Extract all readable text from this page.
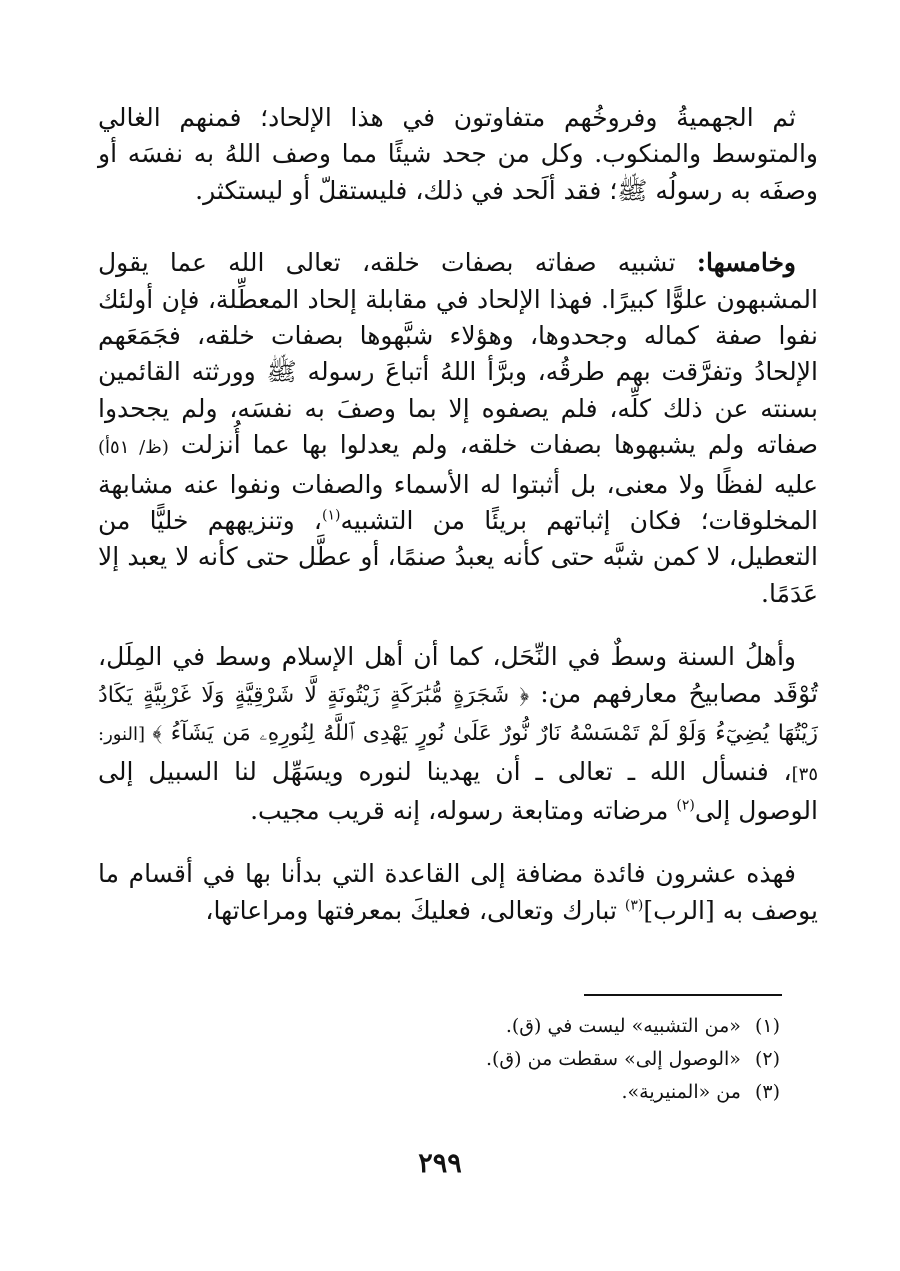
ثم الجهميةُ وفروخُهم متفاوتون في هذا الإلحاد؛ فمنهم الغالي والمتوسط والمنكوب. وكل من جحد شيئًا مما وصف اللهُ به نفسَه أو وصفَه به رسولُه ﷺ؛ فقد ألَحد في ذلك، فليستقلّ أو ليستكثر.

وخامسها: تشبيه صفاته بصفات خلقه، تعالى الله عما يقول المشبهون علوًّا كبيرًا. فهذا الإلحاد في مقابلة إلحاد المعطِّلة، فإن أولئك نفوا صفة كماله وجحدوها، وهؤلاء شبَّهوها بصفات خلقه، فجَمَعَهم الإلحادُ وتفرَّقت بهم طرقُه، وبرَّأ اللهُ أتباعَ رسوله ﷺ وورثته القائمين بسنته عن ذلك كلِّه، فلم يصفوه إلا بما وصفَ به نفسَه، ولم يجحدوا صفاته ولم يشبهوها بصفات خلقه، ولم يعدلوا بها عما أُنزلت (ظ/ ٥١أ) عليه لفظًا ولا معنى، بل أثبتوا له الأسماء والصفات ونفوا عنه مشابهة المخلوقات؛ فكان إثباتهم بريئًا من التشبيه$^{(١)}$، وتنزيههم خليًّا من التعطيل، لا كمن شبَّه حتى كأنه يعبدُ صنمًا، أو عطَّل حتى كأنه لا يعبد إلا عَدَمًا.

وأهلُ السنة وسطٌ في النِّحَل، كما أن أهل الإسلام وسط في المِلَل، تُوْقَد مصابيحُ معارفهم من: ﴿ شَجَرَةٍ مُّبَٰرَكَةٍ زَيْتُونَةٍ لَّا شَرْقِيَّةٍ وَلَا غَرْبِيَّةٍ يَكَادُ زَيْتُهَا يُضِيٓءُ وَلَوْ لَمْ تَمْسَسْهُ نَارٌ نُّورٌ عَلَىٰ نُورٍ يَهْدِى ٱللَّهُ لِنُورِهِۦ مَن يَشَآءُ ﴾ [النور: ٣٥]، فنسأل الله ـ تعالى ـ أن يهدينا لنوره ويسَهِّل لنا السبيل إلى الوصول إلى$^{(٢)}$ مرضاته ومتابعة رسوله، إنه قريب مجيب.

فهذه عشرون فائدة مضافة إلى القاعدة التي بدأنا بها في أقسام ما يوصف به [الرب]$^{(٣)}$ تبارك وتعالى، فعليكَ بمعرفتها ومراعاتها،

(١)«من التشبيه» ليست في (ق).
(٢)«الوصول إلى» سقطت من (ق).
(٣)من «المنيرية».
٢٩٩
